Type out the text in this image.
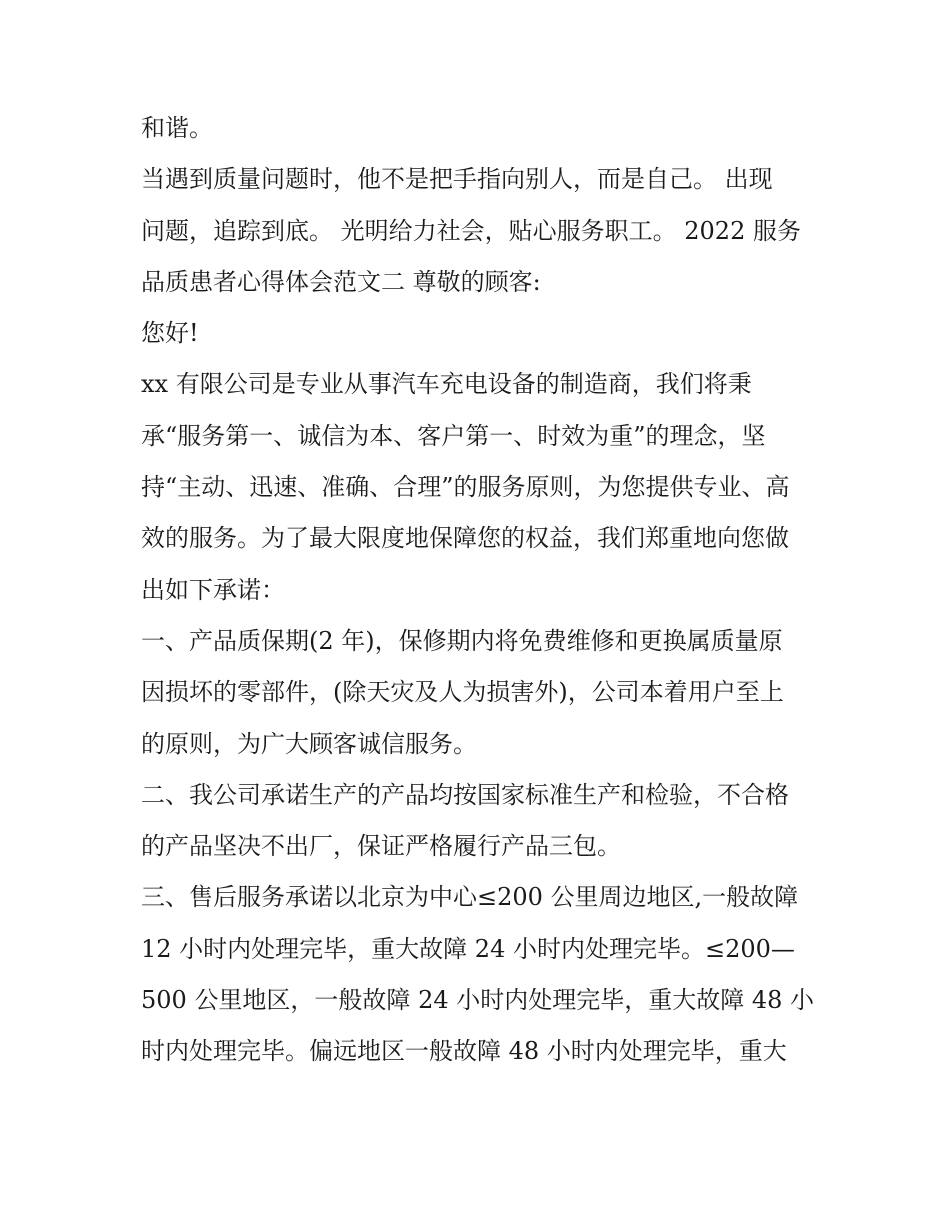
和谐。
当遇到质量问题时，他不是把手指向别人，而是自己。 出现
问题，追踪到底。 光明给力社会，贴心服务职工。 2022 服务
品质患者心得体会范文二 尊敬的顾客:
您好!
xx 有限公司是专业从事汽车充电设备的制造商，我们将秉
承“服务第一、诚信为本、客户第一、时效为重”的理念，坚
持“主动、迅速、准确、合理”的服务原则，为您提供专业、高
效的服务。为了最大限度地保障您的权益，我们郑重地向您做
出如下承诺：
一、产品质保期(2 年)，保修期内将免费维修和更换属质量原
因损坏的零部件，(除天灾及人为损害外)，公司本着用户至上
的原则，为广大顾客诚信服务。
二、我公司承诺生产的产品均按国家标准生产和检验，不合格
的产品坚决不出厂，保证严格履行产品三包。
三、售后服务承诺以北京为中心≤200 公里周边地区,一般故障
12 小时内处理完毕，重大故障 24 小时内处理完毕。≤200—
500 公里地区，一般故障 24 小时内处理完毕，重大故障 48 小
时内处理完毕。偏远地区一般故障 48 小时内处理完毕，重大
